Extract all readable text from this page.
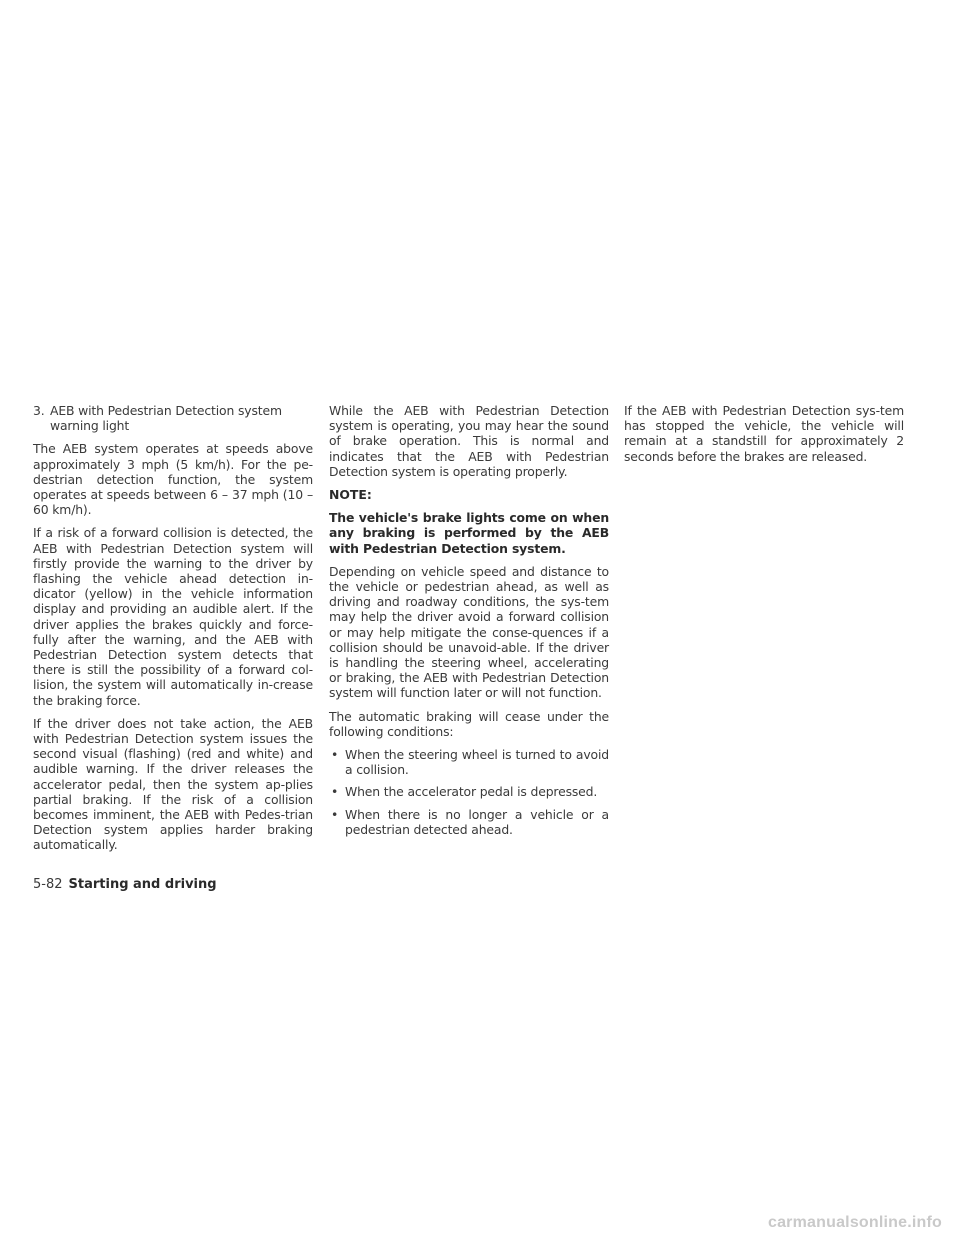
3. AEB with Pedestrian Detection system warning light

The AEB system operates at speeds above approximately 3 mph (5 km/h). For the pe-destrian detection function, the system operates at speeds between 6 – 37 mph (10 – 60 km/h).

If a risk of a forward collision is detected, the AEB with Pedestrian Detection system will firstly provide the warning to the driver by flashing the vehicle ahead detection in-dicator (yellow) in the vehicle information display and providing an audible alert. If the driver applies the brakes quickly and force-fully after the warning, and the AEB with Pedestrian Detection system detects that there is still the possibility of a forward col-lision, the system will automatically in-crease the braking force.

If the driver does not take action, the AEB with Pedestrian Detection system issues the second visual (flashing) (red and white) and audible warning. If the driver releases the accelerator pedal, then the system ap-plies partial braking. If the risk of a collision becomes imminent, the AEB with Pedes-trian Detection system applies harder braking automatically.

While the AEB with Pedestrian Detection system is operating, you may hear the sound of brake operation. This is normal and indicates that the AEB with Pedestrian Detection system is operating properly.

NOTE:

The vehicle's brake lights come on when any braking is performed by the AEB with Pedestrian Detection system.

Depending on vehicle speed and distance to the vehicle or pedestrian ahead, as well as driving and roadway conditions, the sys-tem may help the driver avoid a forward collision or may help mitigate the conse-quences if a collision should be unavoid-able. If the driver is handling the steering wheel, accelerating or braking, the AEB with Pedestrian Detection system will function later or will not function.

The automatic braking will cease under the following conditions:

• When the steering wheel is turned to avoid a collision.
• When the accelerator pedal is depressed.
• When there is no longer a vehicle or a pedestrian detected ahead.

If the AEB with Pedestrian Detection sys-tem has stopped the vehicle, the vehicle will remain at a standstill for approximately 2 seconds before the brakes are released.

5-82 Starting and driving
carmanualsonline.info
